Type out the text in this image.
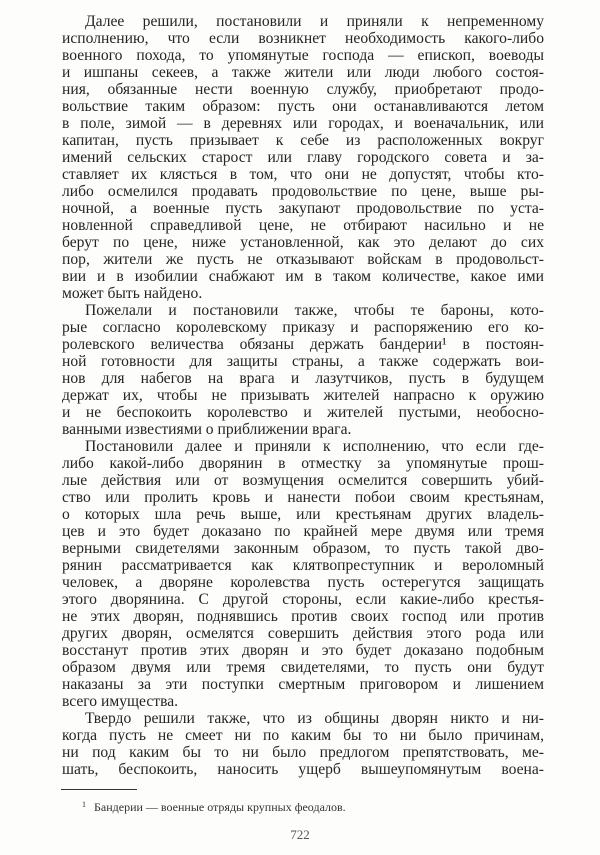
Далее решили, постановили и приняли к непременному
исполнению, что если возникнет необходимость какого-либо
военного похода, то упомянутые господа — епископ, воеводы
и ишпаны секеев, а также жители или люди любого состоя-
ния, обязанные нести военную службу, приобретают продо-
вольствие таким образом: пусть они останавливаются летом
в поле, зимой — в деревнях или городах, и военачальник, или
капитан, пусть призывает к себе из расположенных вокруг
имений сельских старост или главу городского совета и за-
ставляет их клясться в том, что они не допустят, чтобы кто-
либо осмелился продавать продовольствие по цене, выше ры-
ночной, а военные пусть закупают продовольствие по уста-
новленной справедливой цене, не отбирают насильно и не
берут по цене, ниже установленной, как это делают до сих
пор, жители же пусть не отказывают войскам в продовольст-
вии и в изобилии снабжают им в таком количестве, какое ими
может быть найдено.
Пожелали и постановили также, чтобы те бароны, кото-
рые согласно королевскому приказу и распоряжению его ко-
ролевского величества обязаны держать бандерии¹ в постоян-
ной готовности для защиты страны, а также содержать вои-
нов для набегов на врага и лазутчиков, пусть в будущем
держат их, чтобы не призывать жителей напрасно к оружию
и не беспокоить королевство и жителей пустыми, необосно-
ванными известиями о приближении врага.
Постановили далее и приняли к исполнению, что если где-
либо какой-либо дворянин в отместку за упомянутые прош-
лые действия или от возмущения осмелится совершить убий-
ство или пролить кровь и нанести побои своим крестьянам,
о которых шла речь выше, или крестьянам других владель-
цев и это будет доказано по крайней мере двумя или тремя
верными свидетелями законным образом, то пусть такой дво-
рянин рассматривается как клятвопреступник и вероломный
человек, а дворяне королевства пусть остерегутся защищать
этого дворянина. С другой стороны, если какие-либо крестья-
не этих дворян, поднявшись против своих господ или против
других дворян, осмелятся совершить действия этого рода или
восстанут против этих дворян и это будет доказано подобным
образом двумя или тремя свидетелями, то пусть они будут
наказаны за эти поступки смертным приговором и лишением
всего имущества.
Твердо решили также, что из общины дворян никто и ни-
когда пусть не смеет ни по каким бы то ни было причинам,
ни под каким бы то ни было предлогом препятствовать, ме-
шать, беспокоить, наносить ущерб вышеупомянутым воена-
$^1$ Бандерии — военные отряды крупных феодалов.
722
